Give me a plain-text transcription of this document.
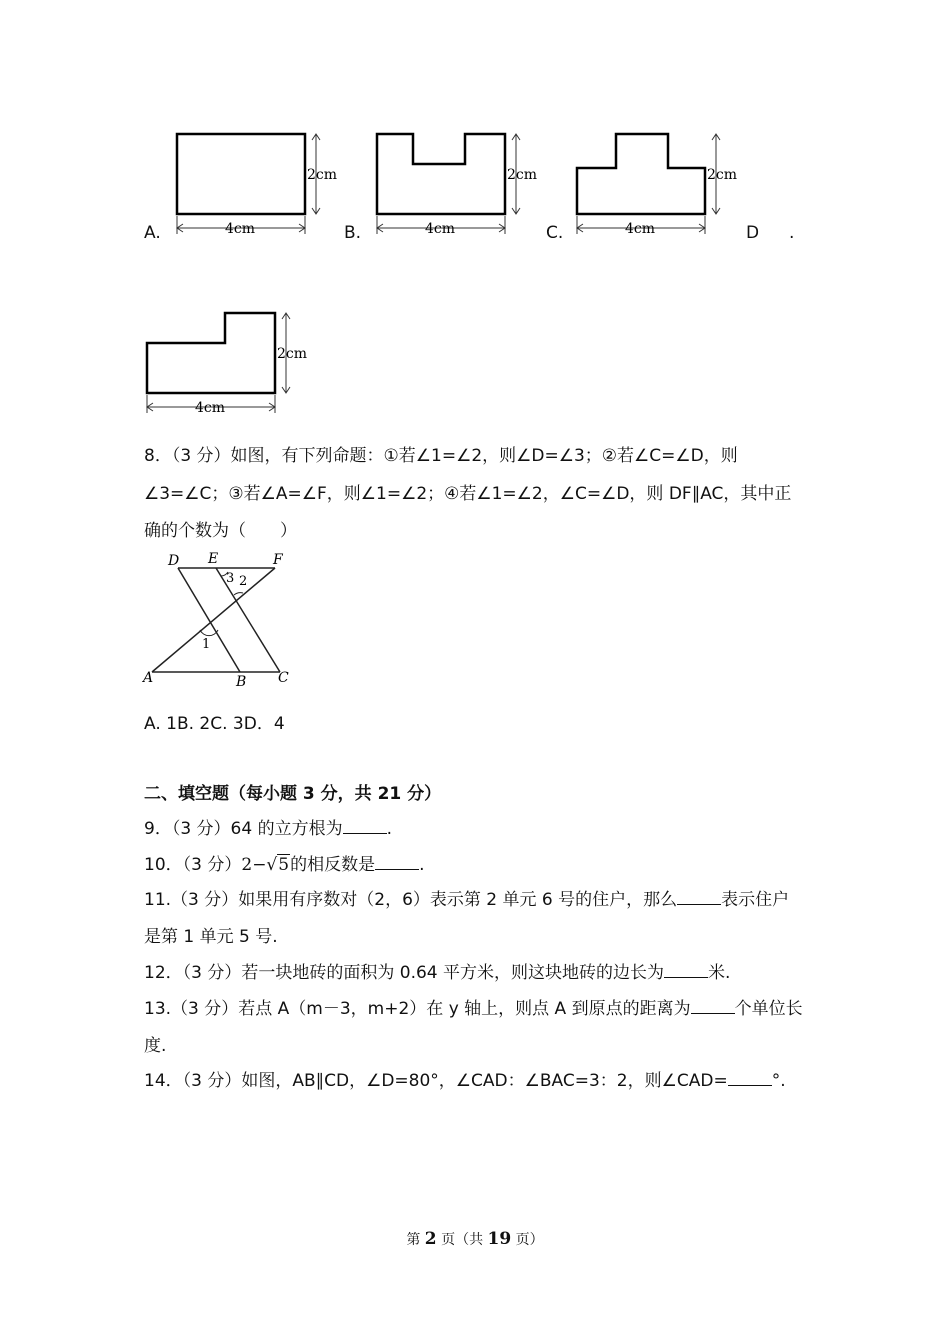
A.	4cm
2cm
B.	4cm
2cm
C.	4cm
2cm
D .
4cm
2cm
8．（3 分）如图，有下列命题：①若∠1=∠2，则∠D=∠3；②若∠C=∠D，则
∠3=∠C；③若∠A=∠F，则∠1=∠2；④若∠1=∠2，∠C=∠D，则 DF∥AC，其中正
确的个数为（　　）
D E	F
A	B C
1
2
3
A. 1B. 2C. 3D．4
二、填空题（每小题 3 分，共 21 分）
9．（3 分）64 的立方根为	.
10．（3 分）2−√5的相反数是	.
11.（3 分）如果用有序数对（2，6）表示第 2 单元 6 号的住户，那么	表示住户
是第 1 单元 5 号.
12．（3 分）若一块地砖的面积为 0.64 平方米，则这块地砖的边长为	米.
13.（3 分）若点 A（m－3，m+2）在 y 轴上，则点 A 到原点的距离为	个单位长
度.
14．（3 分）如图，AB∥CD，∠D=80°，∠CAD：∠BAC=3：2，则∠CAD=	°.
第 2 页（共 19 页）
